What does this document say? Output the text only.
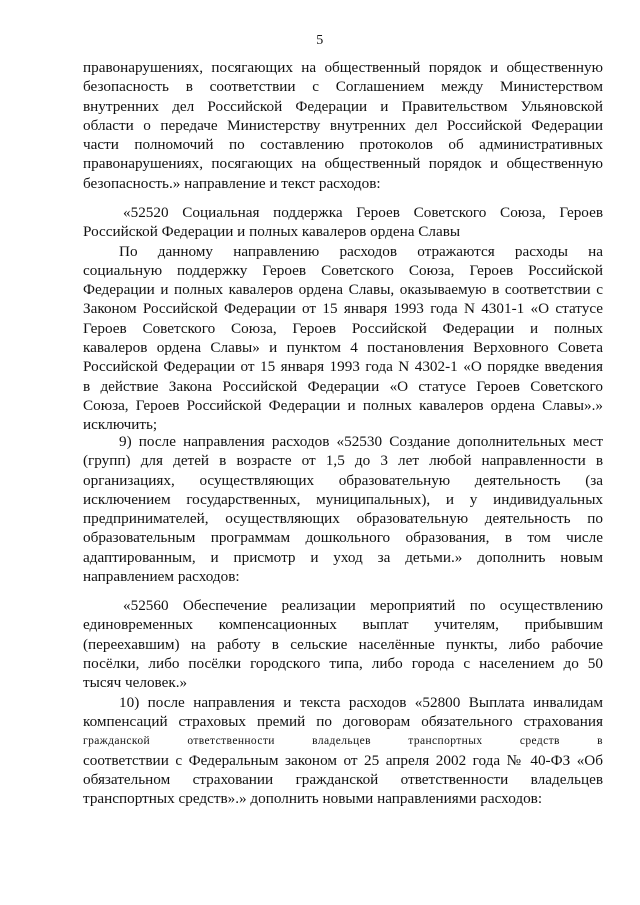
5
правонарушениях, посягающих на общественный порядок и общественную
безопасность в соответствии с Соглашением между Министерством
внутренних дел Российской Федерации и Правительством Ульяновской
области о передаче Министерству внутренних дел Российской Федерации
части полномочий по составлению протоколов об административных
правонарушениях, посягающих на общественный порядок и общественную
безопасность.» направление и текст расходов:
«52520 Социальная поддержка Героев Советского Союза, Героев
Российской Федерации и полных кавалеров ордена Славы
По данному направлению расходов отражаются расходы на
социальную поддержку Героев Советского Союза, Героев Российской
Федерации и полных кавалеров ордена Славы, оказываемую в соответствии с
Законом Российской Федерации от 15 января 1993 года N 4301-1 «О статусе
Героев Советского Союза, Героев Российской Федерации и полных
кавалеров ордена Славы» и пунктом 4 постановления Верховного Совета
Российской Федерации от 15 января 1993 года N 4302-1 «О порядке введения
в действие Закона Российской Федерации «О статусе Героев Советского
Союза, Героев Российской Федерации и полных кавалеров ордена Славы».»
исключить;
9) после направления расходов «52530 Создание дополнительных мест
(групп) для детей в возрасте от 1,5 до 3 лет любой направленности в
организациях, осуществляющих образовательную деятельность (за
исключением государственных, муниципальных), и у индивидуальных
предпринимателей, осуществляющих образовательную деятельность по
образовательным программам дошкольного образования, в том числе
адаптированным, и присмотр и уход за детьми.» дополнить новым
направлением расходов:
«52560 Обеспечение реализации мероприятий по осуществлению
единовременных компенсационных выплат учителям, прибывшим
(переехавшим) на работу в сельские населённые пункты, либо рабочие
посёлки, либо посёлки городского типа, либо города с населением до 50
тысяч человек.»
10) после направления и текста расходов «52800 Выплата инвалидам
компенсаций страховых премий по договорам обязательного страхования
гражданской ответственности владельцев транспортных средств в
соответствии с Федеральным законом от 25 апреля 2002 года № 40-ФЗ «Об
обязательном страховании гражданской ответственности владельцев
транспортных средств».» дополнить новыми направлениями расходов:
